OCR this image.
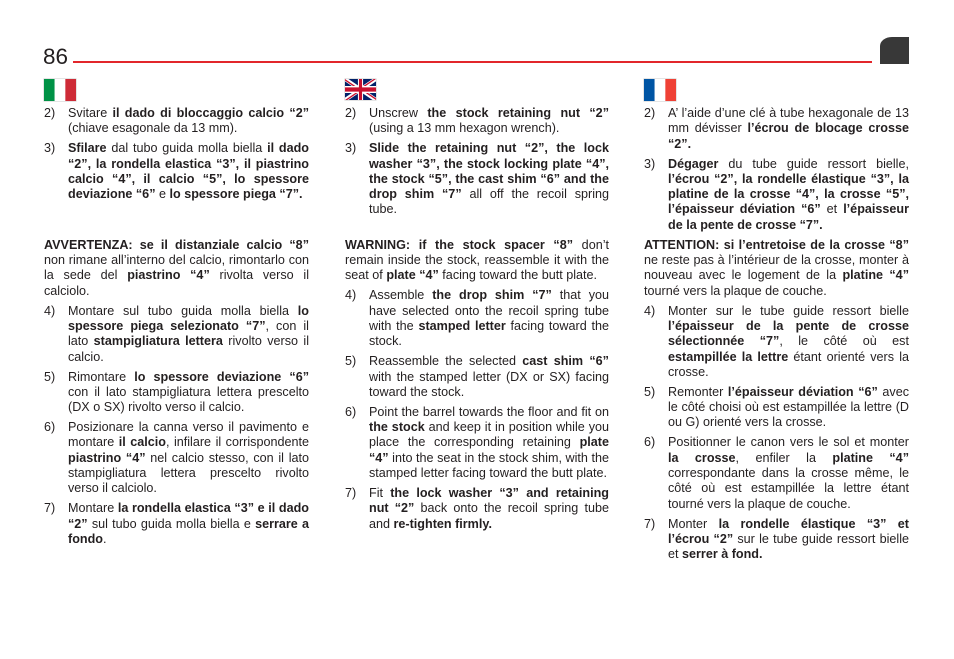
86
2) Svitare il dado di bloccaggio calcio “2” (chiave esagonale da 13 mm).
3) Sfilare dal tubo guida molla biella il dado “2”, la rondella elastica “3”, il piastrino calcio “4”, il calcio “5”, lo spessore deviazione “6” e lo spessore piega “7”.
2) Unscrew the stock retaining nut “2” (using a 13 mm hexagon wrench).
3) Slide the retaining nut “2”, the lock washer “3”, the stock locking plate “4”, the stock “5”, the cast shim “6” and the drop shim “7” all off the recoil spring tube.
2) A’ l’aide d’une clé à tube hexagonale de 13 mm dévisser l’écrou de blocage crosse “2”.
3) Dégager du tube guide ressort bielle, l’écrou “2”, la rondelle élastique “3”, la platine de la crosse “4”, la crosse “5”, l’épaisseur déviation “6” et l’épaisseur de la pente de crosse “7”.
AVVERTENZA: se il distanziale calcio “8” non rimane all’interno del calcio, rimontarlo con la sede del piastrino “4” rivolta verso il calciolo.
4) Montare sul tubo guida molla biella lo spessore piega selezionato “7”, con il lato stampigliatura lettera rivolto verso il calcio.
5) Rimontare lo spessore deviazione “6” con il lato stampigliatura lettera prescelto (DX o SX) rivolto verso il calcio.
6) Posizionare la canna verso il pavimento e montare il calcio, infilare il corrispondente piastrino “4” nel calcio stesso, con il lato stampigliatura lettera prescelto rivolto verso il calciolo.
7) Montare la rondella elastica “3” e il dado “2” sul tubo guida molla biella e serrare a fondo.
WARNING: if the stock spacer “8” don’t remain inside the stock, reassemble it with the seat of plate “4” facing toward the butt plate.
4) Assemble the drop shim “7” that you have selected onto the recoil spring tube with the stamped letter facing toward the stock.
5) Reassemble the selected cast shim “6” with the stamped letter (DX or SX) facing toward the stock.
6) Point the barrel towards the floor and fit on the stock and keep it in position while you place the corresponding retaining plate “4” into the seat in the stock shim, with the stamped letter facing toward the butt plate.
7) Fit the lock washer “3” and retaining nut “2” back onto the recoil spring tube and re-tighten firmly.
ATTENTION: si l’entretoise de la crosse “8” ne reste pas à l’intérieur de la crosse, monter à nouveau avec le logement de la platine “4” tourné vers la plaque de couche.
4) Monter sur le tube guide ressort bielle l’épaisseur de la pente de crosse sélectionnée “7”, le côté où est estampillée la lettre étant orienté vers la crosse.
5) Remonter l’épaisseur déviation “6” avec le côté choisi où est estampillée la lettre (D ou G) orienté vers la crosse.
6) Positionner le canon vers le sol et monter la crosse, enfiler la platine “4” correspondante dans la crosse même, le côté où est estampillée la lettre étant tourné vers la plaque de couche.
7) Monter la rondelle élastique “3” et l’écrou “2” sur le tube guide ressort bielle et serrer à fond.
